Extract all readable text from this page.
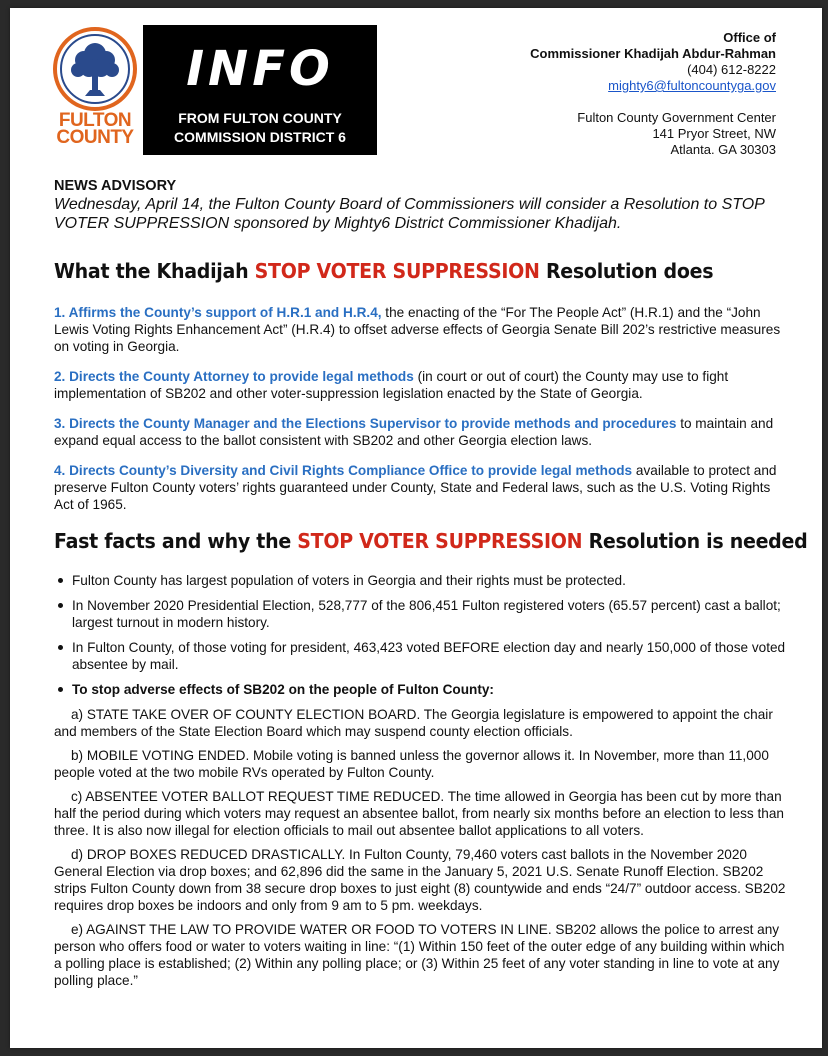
FULTON
COUNTY
INFO
FROM FULTON COUNTY
COMMISSION DISTRICT 6
Office of
Commissioner Khadijah Abdur-Rahman
(404) 612-8222
mighty6@fultoncountyga.gov
Fulton County Government Center
141 Pryor Street, NW
Atlanta. GA 30303
NEWS ADVISORY
Wednesday, April 14, the Fulton County Board of Commissioners will consider a Resolution to STOP VOTER SUPPRESSION sponsored by Mighty6 District Commissioner Khadijah.
What the Khadijah STOP VOTER SUPPRESSION Resolution does
1. Affirms the County’s support of H.R.1 and H.R.4, the enacting of the “For The People Act” (H.R.1) and the “John Lewis Voting Rights Enhancement Act” (H.R.4) to offset adverse effects of Georgia Senate Bill 202’s restrictive measures on voting in Georgia.
2. Directs the County Attorney to provide legal methods (in court or out of court) the County may use to fight implementation of SB202 and other voter-suppression legislation enacted by the State of Georgia.
3. Directs the County Manager and the Elections Supervisor to provide methods and procedures to maintain and expand equal access to the ballot consistent with SB202 and other Georgia election laws.
4. Directs County’s Diversity and Civil Rights Compliance Office to provide legal methods available to protect and preserve Fulton County voters’ rights guaranteed under County, State and Federal laws, such as the U.S. Voting Rights Act of 1965.
Fast facts and why the STOP VOTER SUPPRESSION Resolution is needed
Fulton County has largest population of voters in Georgia and their rights must be protected.
In November 2020 Presidential Election, 528,777 of the 806,451 Fulton registered voters (65.57 percent) cast a ballot; largest turnout in modern history.
In Fulton County, of those voting for president, 463,423 voted BEFORE election day and nearly 150,000 of those voted absentee by mail.
To stop adverse effects of SB202 on the people of Fulton County:
a) STATE TAKE OVER OF COUNTY ELECTION BOARD. The Georgia legislature is empowered to appoint the chair and members of the State Election Board which may suspend county election officials.
b) MOBILE VOTING ENDED. Mobile voting is banned unless the governor allows it. In November, more than 11,000 people voted at the two mobile RVs operated by Fulton County.
c) ABSENTEE VOTER BALLOT REQUEST TIME REDUCED. The time allowed in Georgia has been cut by more than half the period during which voters may request an absentee ballot, from nearly six months before an election to less than three. It is also now illegal for election officials to mail out absentee ballot applications to all voters.
d) DROP BOXES REDUCED DRASTICALLY. In Fulton County, 79,460 voters cast ballots in the November 2020 General Election via drop boxes; and 62,896 did the same in the January 5, 2021 U.S. Senate Runoff Election. SB202 strips Fulton County down from 38 secure drop boxes to just eight (8) countywide and ends “24/7” outdoor access. SB202 requires drop boxes be indoors and only from 9 am to 5 pm. weekdays.
e) AGAINST THE LAW TO PROVIDE WATER OR FOOD TO VOTERS IN LINE. SB202 allows the police to arrest any person who offers food or water to voters waiting in line: “(1) Within 150 feet of the outer edge of any building within which a polling place is established; (2) Within any polling place; or (3) Within 25 feet of any voter standing in line to vote at any polling place.”
